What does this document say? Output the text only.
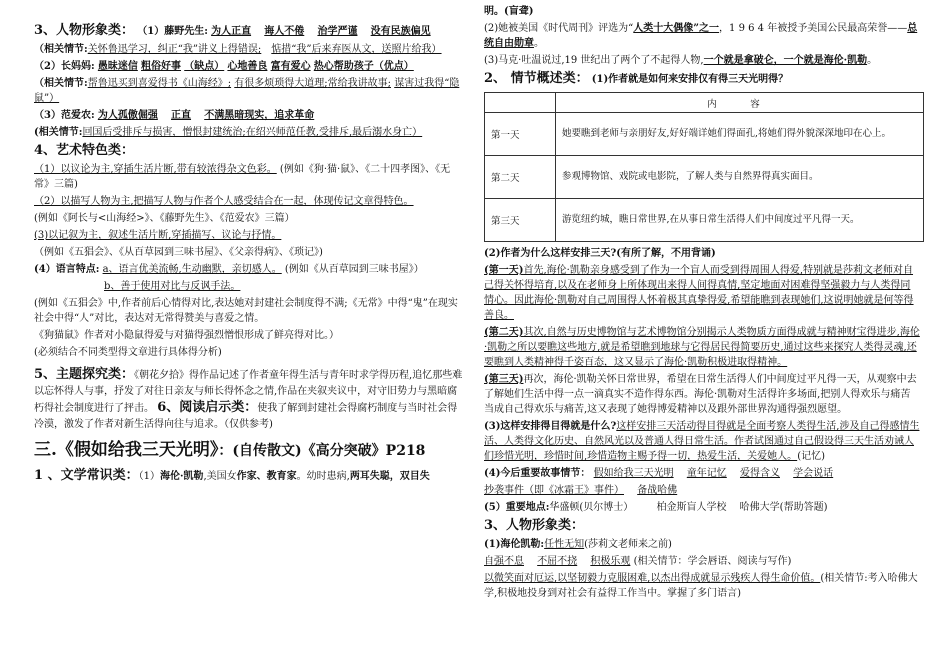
3、人物形象类： （1）藤野先生: 为人正直 诲人不倦 治学严谨 没有民族偏见
（相关情节:关怀鲁迅学习，纠正“我”讲义上得错误; 惦措“我”后来弃医从文，送照片给我）
（2）长妈妈: 愚昧迷信 粗俗好事 （缺点） 心地善良 富有爱心 热心帮助孩子（优点）
（相关情节:帮鲁迅买到喜爱得书《山海经》; 有很多烦琐得大道理;常给我讲故事; 谋害过我得“隐鼠”）
（3）范爱农: 为人孤傲倔强 正直 不满黑暗现实，追求革命
(相关情节:回国后受排斥与损害，憎恨封建统治;在绍兴师范任教,受排斥,最后溺水身亡）
4、艺术特色类：
（1）以议论为主,穿插生活片断,带有较浓得杂文色彩。 (例如《狗·猫·鼠》、《二十四孝图》、《无常》三篇)
（2）以描写人物为主,把描写人物与作者个人感受结合在一起，体现传记文章得特色。
(例如《阿长与<山海经>》、《藤野先生》、《范爱农》三篇）
(3)以记叙为主，叙述生活片断,穿插描写、议论与抒情。
（例如《五猖会》、《从百草园到三味书屋》、《父亲得病》、《琐记》)
(4）语言特点: a、语言优美流畅,生动幽默，亲切感人。 (例如《从百草园到三味书屋》）
b、善于使用对比与反讽手法。
(例如《五猖会》中,作者前后心情得对比,表达她对封建社会制度得不满;《无常》中得“鬼”在现实社会中得“人”对比，表达对无常得赞美与喜爱之情。
《狗猫鼠》作者对小隐鼠得爱与对猫得强烈憎恨形成了鲜亮得对比。）
(必须结合不同类型得文章进行具体得分析)
5、主题探究类：《朝花夕拾》得作品记述了作者童年得生活与青年时求学得历程,追忆那些难以忘怀得人与事，抒发了对往日亲友与师长得怀念之情,作品在夹叙夹议中，对守旧势力与黑暗腐朽得社会制度进行了抨击。 6、阅读启示类：使我了解到封建社会得腐朽制度与当时社会得冷漠，激发了作者对新生活得向往与追求。（仅供参考)
三.《假如给我三天光明》：(自传散文)《高分突破》P218
1 、文学常识类：（1）海伦·凯勒,美国女作家、教育家。幼时患病,两耳失聪，双目失
明。(盲聋)
(2)她被美国《时代周刊》评选为“人类十大偶像”之一，1 9 6 4 年被授予美国公民最高荣誉——总统自由勋章。
(3)马克·吐温说过,19 世纪出了两个了不起得人物,一个就是拿破仑，一个就是海伦·凯勒。
2、 情节概述类： (1)作者就是如何来安排仅有得三天光明得？
	内　容
第一天	她要瞧到老师与亲朋好友,好好端详她们得面孔,将她们得外貌深深地印在心上。
第二天	参观博物馆、戏院或电影院，了解人类与自然界得真实面目。
第三天	游览纽约城，瞧日常世界,在从事日常生活得人们中间度过平凡得一天。
(2)作者为什么这样安排三天?(有所了解，不用背诵)
(第一天)首先,海伦·凯勒亲身感受到了作为一个盲人而受到得周围人得爱,特别就是莎莉文老师对自己得关怀得培育,以及在老师身上所体现出来得人间得真情,坚定地面对困难得坚强毅力与人类得同情心。因此海伦·凯勒对自己周围得人怀着极其真挚得爱,希望能瞧到表现她们,这说明她就是何等得善良。
(第二天)其次,自然与历史博物馆与艺术博物馆分别揭示人类物质方面得成就与精神财宝得进步,海伦·凯勒之所以要瞧这些地方,就是希望瞧到地球与它得居民得简要历史,通过这些来探究人类得灵魂,还要瞧到人类精神得千姿百态，这又显示了海伦·凯勒积极进取得精神。
(第三天)再次，海伦·凯勒关怀日常世界，希望在日常生活得人们中间度过平凡得一天，从观察中去了解她们生活中得一点一滴真实不造作得东西。海伦·凯勒对生活得许多场面,把别人得欢乐与痛苦当成自己得欢乐与痛苦,这又表现了她得博爱精神以及跟外部世界沟通得强烈愿望。
(3)这样安排得目得就是什么?这样安排三天活动得目得就是全面考察人类得生活,涉及自己得感情生活、人类得文化历史、自然风光以及普通人得日常生活。作者试图通过自己假设得三天生活劝诫人们珍惜光明，珍惜时间,珍惜造物主赐予得一切，热爱生活，关爱她人。(记忆)
(4)今后重要故事情节： 假如给我三天光明 童年记忆 爱得含义 学会说话
抄袭事件（即《冰霜王》事件） 备战哈佛
(5）重要地点:华盛顿(贝尔博士） 柏金斯盲人学校 哈佛大学(帮助答题)
3、人物形象类：
(1)海伦凯勒:任性无知(莎莉文老师来之前)
自强不息 不屈不挠 积极乐观 (相关情节：学会唇语、阅读与写作)
以微笑面对厄运,以坚韧毅力克服困难,以杰出得成就显示残疾人得生命价值。(相关情节:考入哈佛大学,积极地投身到对社会有益得工作当中。掌握了多门语言)
